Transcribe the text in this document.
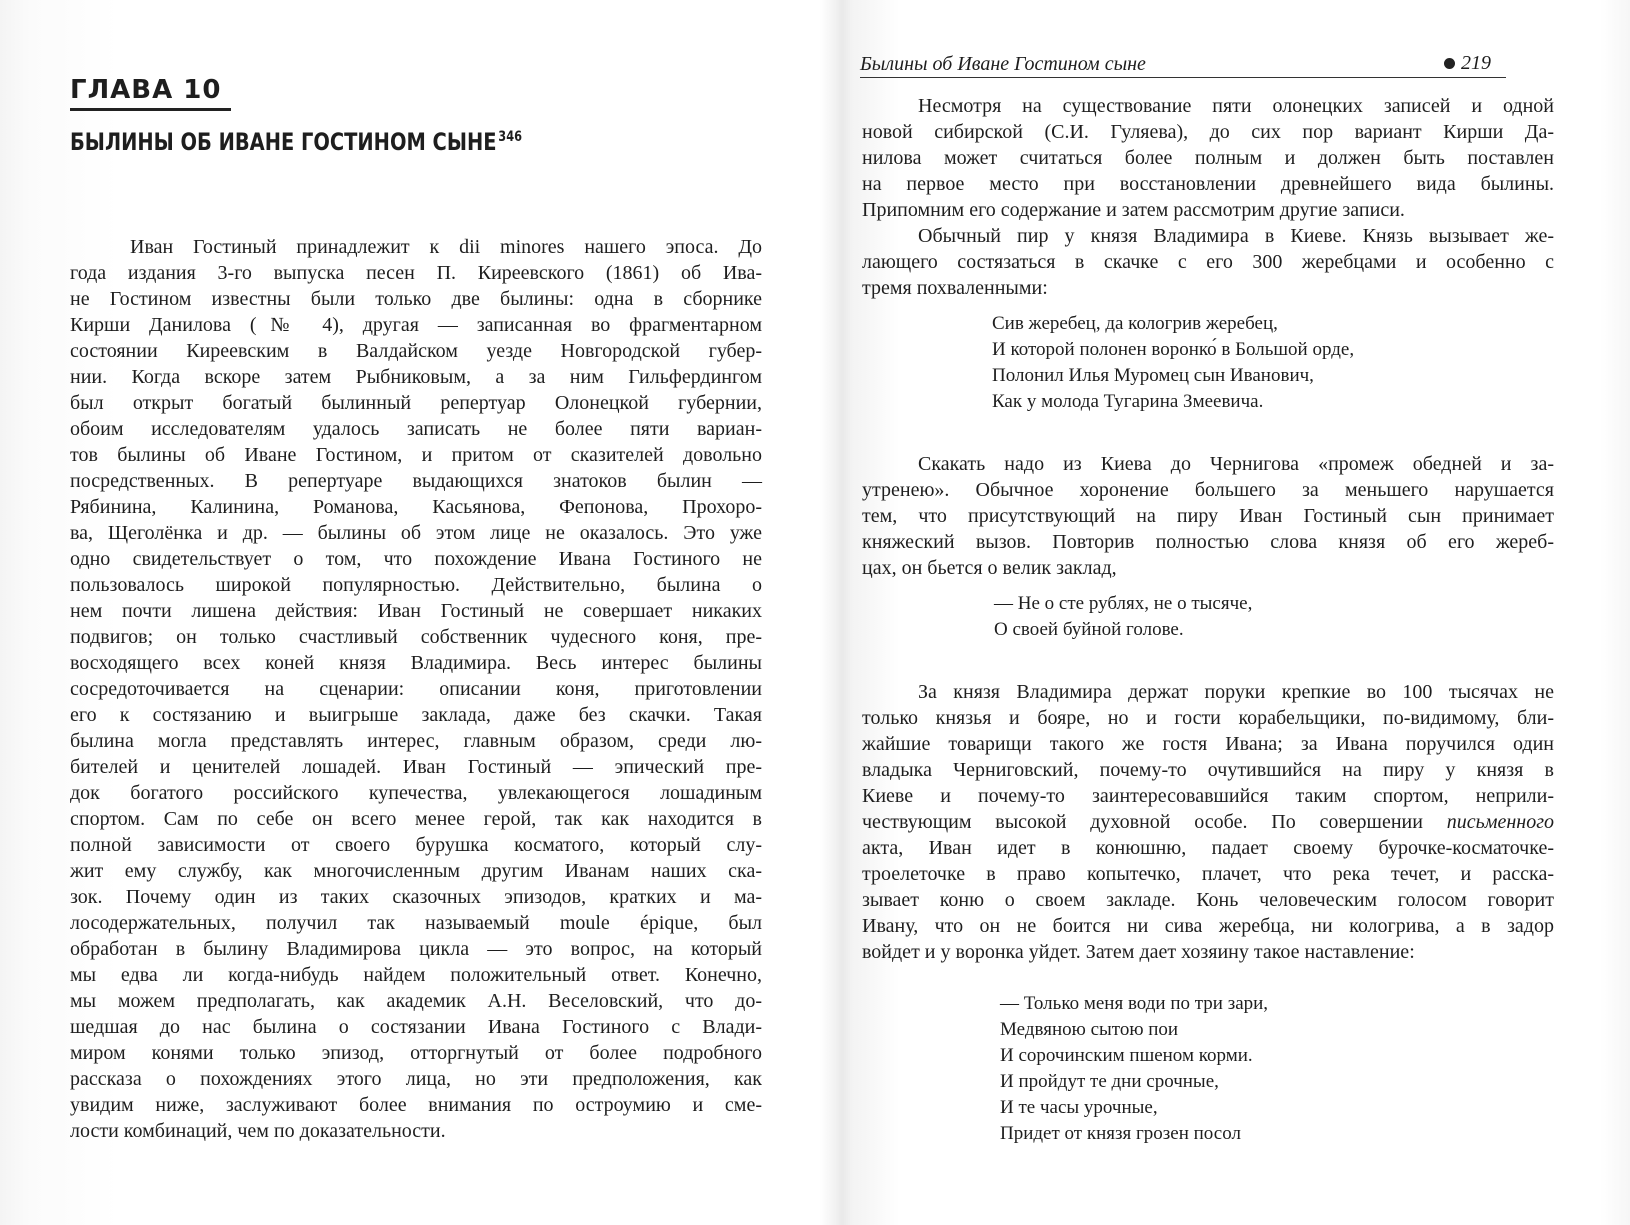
ГЛАВА 10
БЫЛИНЫ ОБ ИВАНЕ ГОСТИНОМ СЫНЕ $^{346}$
Иван Гостиный принадлежит к dii minores нашего эпоса. До
года издания 3-го выпуска песен П. Киреевского (1861) об Ива-
не Гостином известны были только две былины: одна в сборнике
Кирши Данилова (№ 4), другая — записанная во фрагментарном
состоянии Киреевским в Валдайском уезде Новгородской губер-
нии. Когда вскоре затем Рыбниковым, а за ним Гильфердингом
был открыт богатый былинный репертуар Олонецкой губернии,
обоим исследователям удалось записать не более пяти вариан-
тов былины об Иване Гостином, и притом от сказителей довольно
посредственных. В репертуаре выдающихся знатоков былин —
Рябинина, Калинина, Романова, Касьянова, Фепонова, Прохоро-
ва, Щеголёнка и др. — былины об этом лице не оказалось. Это уже
одно свидетельствует о том, что похождение Ивана Гостиного не
пользовалось широкой популярностью. Действительно, былина о
нем почти лишена действия: Иван Гостиный не совершает никаких
подвигов; он только счастливый собственник чудесного коня, пре-
восходящего всех коней князя Владимира. Весь интерес былины
сосредоточивается на сценарии: описании коня, приготовлении
его к состязанию и выигрыше заклада, даже без скачки. Такая
былина могла представлять интерес, главным образом, среди лю-
бителей и ценителей лошадей. Иван Гостиный — эпический пре-
док богатого российского купечества, увлекающегося лошадиным
спортом. Сам по себе он всего менее герой, так как находится в
полной зависимости от своего бурушка косматого, который слу-
жит ему службу, как многочисленным другим Иванам наших ска-
зок. Почему один из таких сказочных эпизодов, кратких и ма-
лосодержательных, получил так называемый moule épique, был
обработан в былину Владимирова цикла — это вопрос, на который
мы едва ли когда-нибудь найдем положительный ответ. Конечно,
мы можем предполагать, как академик А.Н. Веселовский, что до-
шедшая до нас былина о состязании Ивана Гостиного с Влади-
миром конями только эпизод, отторгнутый от более подробного
рассказа о похождениях этого лица, но эти предположения, как
увидим ниже, заслуживают более внимания по остроумию и сме-
лости комбинаций, чем по доказательности.
Былины об Иване Гостином сыне	219
Несмотря на существование пяти олонецких записей и одной
новой сибирской (С.И. Гуляева), до сих пор вариант Кирши Да-
нилова может считаться более полным и должен быть поставлен
на первое место при восстановлении древнейшего вида былины.
Припомним его содержание и затем рассмотрим другие записи.
Обычный пир у князя Владимира в Киеве. Князь вызывает же-
лающего состязаться в скачке с его 300 жеребцами и особенно с
тремя похваленными:
Сив жеребец, да кологрив жеребец,
И которой полонен воронко́ в Большой орде,
Полонил Илья Муромец сын Иванович,
Как у молода Тугарина Змеевича.
Скакать надо из Киева до Чернигова «промеж обедней и за-
утренею». Обычное хоронение большего за меньшего нарушается
тем, что присутствующий на пиру Иван Гостиный сын принимает
княжеский вызов. Повторив полностью слова князя об его жереб-
цах, он бьется о велик заклад,
— Не о сте рублях, не о тысяче,
О своей буйной голове.
За князя Владимира держат поруки крепкие во 100 тысячах не
только князья и бояре, но и гости корабельщики, по-видимому, бли-
жайшие товарищи такого же гостя Ивана; за Ивана поручился один
владыка Черниговский, почему-то очутившийся на пиру у князя в
Киеве и почему-то заинтересовавшийся таким спортом, неприли-
чествующим высокой духовной особе. По совершении письменного
акта, Иван идет в конюшню, падает своему бурочке-косматочке-
троелеточке в право копытечко, плачет, что река течет, и расска-
зывает коню о своем закладе. Конь человеческим голосом говорит
Ивану, что он не боится ни сива жеребца, ни кологрива, а в задор
войдет и у воронка уйдет. Затем дает хозяину такое наставление:
— Только меня води по три зари,
Медвяною сытою пои
И сорочинским пшеном корми.
И пройдут те дни срочные,
И те часы урочные,
Придет от князя грозен посол
